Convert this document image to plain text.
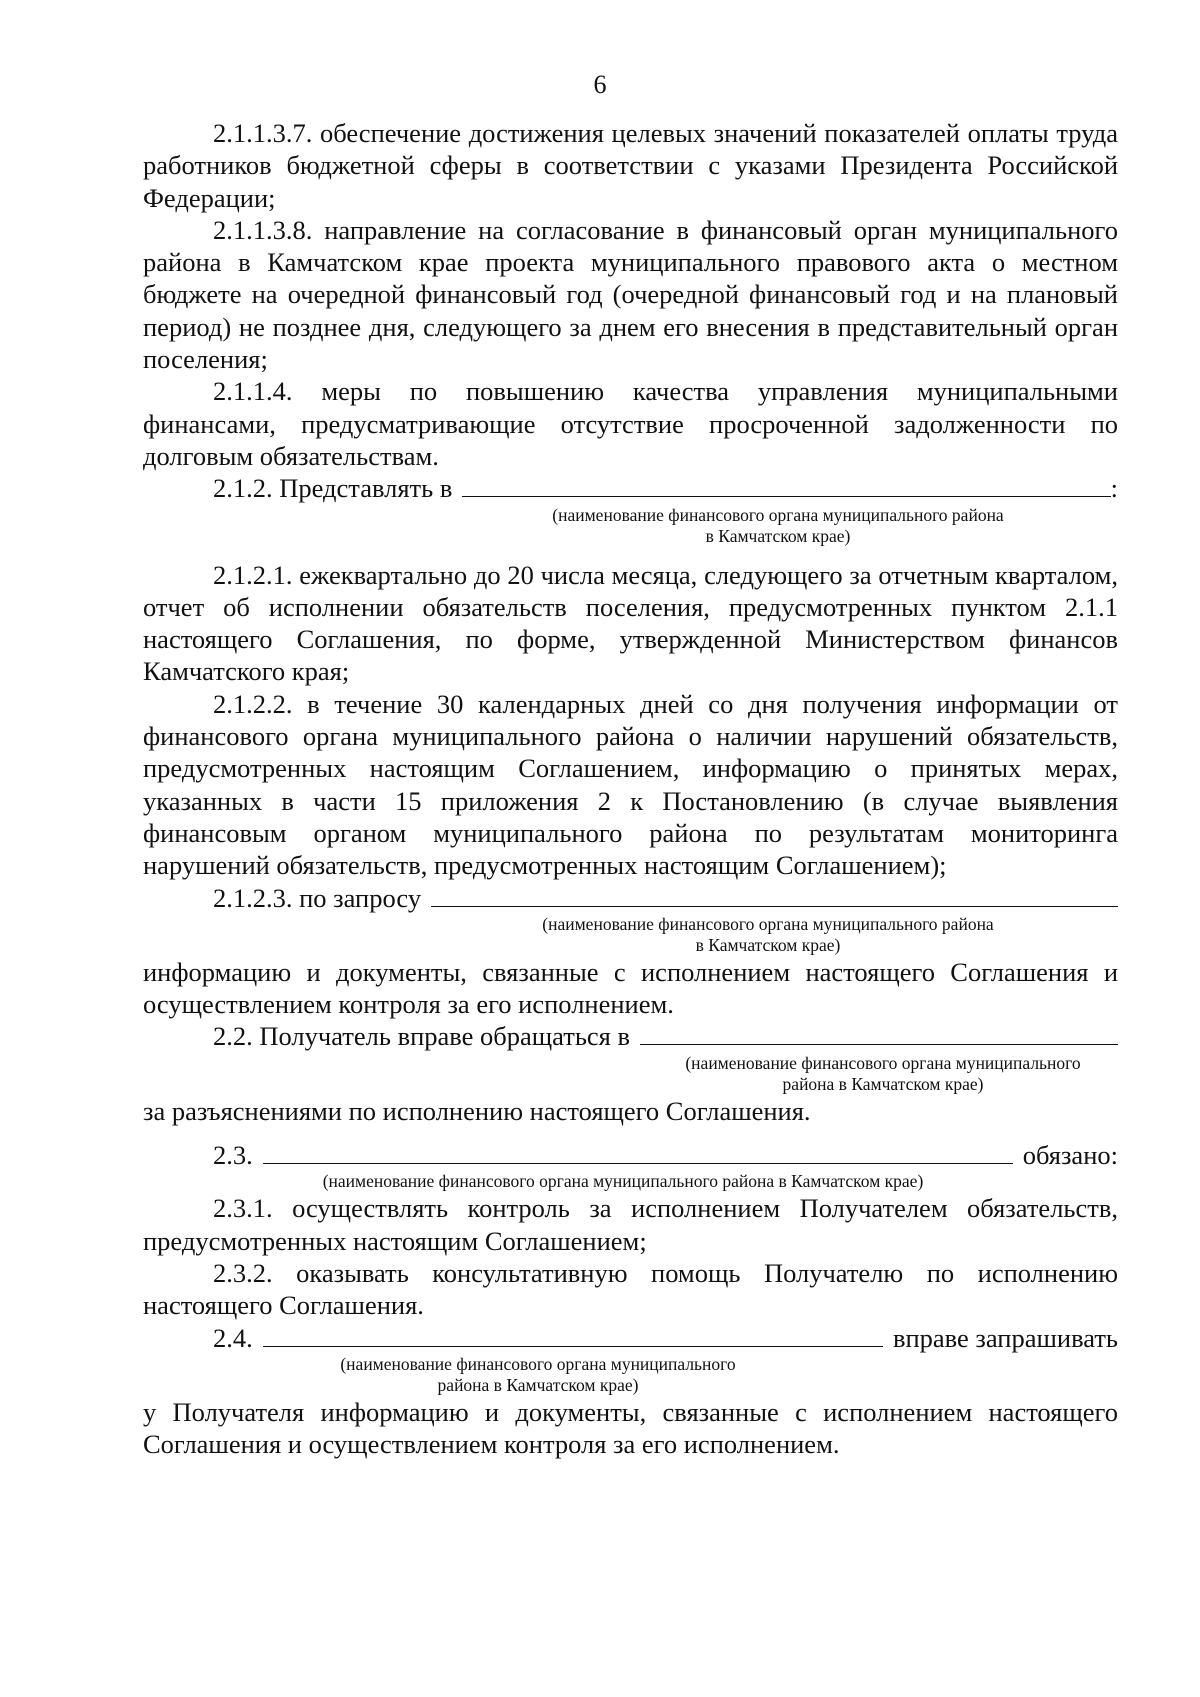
6

2.1.1.3.7. обеспечение достижения целевых значений показателей оплаты труда работников бюджетной сферы в соответствии с указами Президента Российской Федерации;

2.1.1.3.8. направление на согласование в финансовый орган муниципального района в Камчатском крае проекта муниципального правового акта о местном бюджете на очередной финансовый год (очередной финансовый год и на плановый период) не позднее дня, следующего за днем его внесения в представительный орган поселения;

2.1.1.4. меры по повышению качества управления муниципальными финансами, предусматривающие отсутствие просроченной задолженности по долговым обязательствам.

2.1.2. Представлять в	:
(наименование финансового органа муниципального района
в Камчатском крае)

2.1.2.1. ежеквартально до 20 числа месяца, следующего за отчетным кварталом, отчет об исполнении обязательств поселения, предусмотренных пунктом 2.1.1 настоящего Соглашения, по форме, утвержденной Министерством финансов Камчатского края;

2.1.2.2. в течение 30 календарных дней со дня получения информации от финансового органа муниципального района о наличии нарушений обязательств, предусмотренных настоящим Соглашением, информацию о принятых мерах, указанных в части 15 приложения 2 к Постановлению (в случае выявления финансовым органом муниципального района по результатам мониторинга нарушений обязательств, предусмотренных настоящим Соглашением);

2.1.2.3. по запросу
(наименование финансового органа муниципального района
в Камчатском крае)

информацию и документы, связанные с исполнением настоящего Соглашения и осуществлением контроля за его исполнением.

2.2. Получатель вправе обращаться в
(наименование финансового органа муниципального
района в Камчатском крае)

за разъяснениями по исполнению настоящего Соглашения.

2.3.	обязано:
(наименование финансового органа муниципального района в Камчатском крае)

2.3.1. осуществлять контроль за исполнением Получателем обязательств, предусмотренных настоящим Соглашением;

2.3.2. оказывать консультативную помощь Получателю по исполнению настоящего Соглашения.

2.4.	вправе запрашивать
(наименование финансового органа муниципального
района в Камчатском крае)

у Получателя информацию и документы, связанные с исполнением настоящего Соглашения и осуществлением контроля за его исполнением.
